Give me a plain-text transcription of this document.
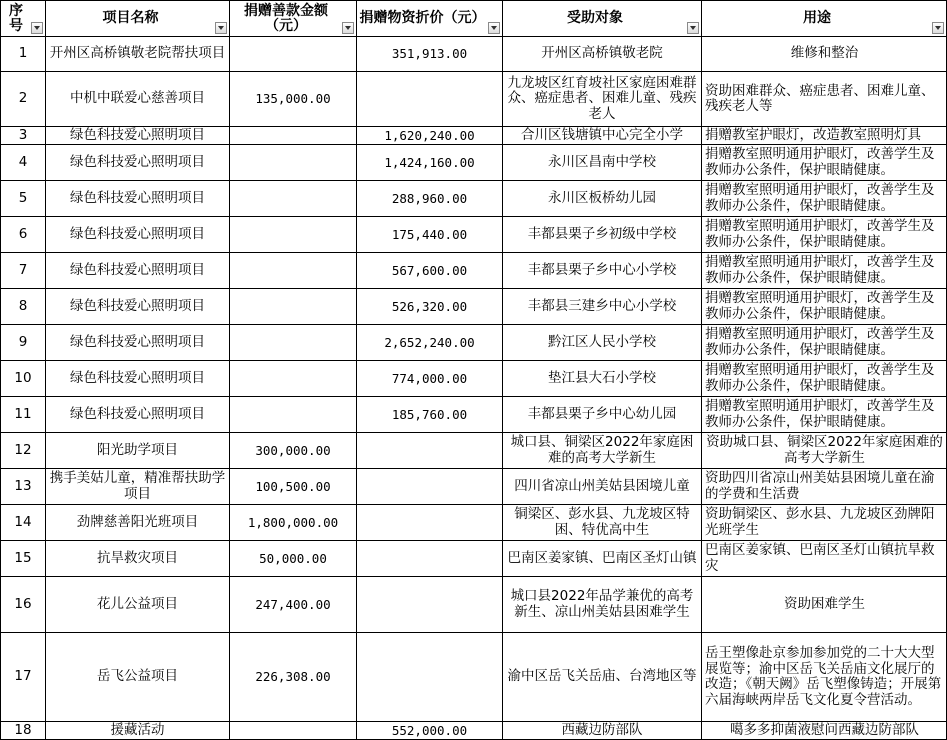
序号	项目名称	捐赠善款金额（元）	捐赠物资折价（元）	受助对象	用途

1	开州区高桥镇敬老院帮扶项目		351,913.00	开州区高桥镇敬老院	维修和整治
2	中机中联爱心慈善项目	135,000.00		九龙坡区红育坡社区家庭困难群众、癌症患者、困难儿童、残疾老人	资助困难群众、癌症患者、困难儿童、残疾老人等
3	绿色科技爱心照明项目		1,620,240.00	合川区钱塘镇中心完全小学	捐赠教室护眼灯，改造教室照明灯具
4	绿色科技爱心照明项目		1,424,160.00	永川区昌南中学校	捐赠教室照明通用护眼灯，改善学生及教师办公条件，保护眼睛健康。
5	绿色科技爱心照明项目		288,960.00	永川区板桥幼儿园	捐赠教室照明通用护眼灯，改善学生及教师办公条件，保护眼睛健康。
6	绿色科技爱心照明项目		175,440.00	丰都县栗子乡初级中学校	捐赠教室照明通用护眼灯，改善学生及教师办公条件，保护眼睛健康。
7	绿色科技爱心照明项目		567,600.00	丰都县栗子乡中心小学校	捐赠教室照明通用护眼灯，改善学生及教师办公条件，保护眼睛健康。
8	绿色科技爱心照明项目		526,320.00	丰都县三建乡中心小学校	捐赠教室照明通用护眼灯，改善学生及教师办公条件，保护眼睛健康。
9	绿色科技爱心照明项目		2,652,240.00	黔江区人民小学校	捐赠教室照明通用护眼灯，改善学生及教师办公条件，保护眼睛健康。
10	绿色科技爱心照明项目		774,000.00	垫江县大石小学校	捐赠教室照明通用护眼灯，改善学生及教师办公条件，保护眼睛健康。
11	绿色科技爱心照明项目		185,760.00	丰都县栗子乡中心幼儿园	捐赠教室照明通用护眼灯，改善学生及教师办公条件，保护眼睛健康。
12	阳光助学项目	300,000.00		城口县、铜梁区2022年家庭困难的高考大学新生	资助城口县、铜梁区2022年家庭困难的高考大学新生
13	携手美姑儿童，精准帮扶助学项目	100,500.00		四川省凉山州美姑县困境儿童	资助四川省凉山州美姑县困境儿童在渝的学费和生活费
14	劲牌慈善阳光班项目	1,800,000.00		铜梁区、彭水县、九龙坡区特困、特优高中生	资助铜梁区、彭水县、九龙坡区劲牌阳光班学生
15	抗旱救灾项目	50,000.00		巴南区姜家镇、巴南区圣灯山镇	巴南区姜家镇、巴南区圣灯山镇抗旱救灾
16	花儿公益项目	247,400.00		城口县2022年品学兼优的高考新生、凉山州美姑县困难学生	资助困难学生
17	岳飞公益项目	226,308.00		渝中区岳飞关岳庙、台湾地区等	岳王塑像赴京参加参加党的二十大大型展览等；渝中区岳飞关岳庙文化展厅的改造；《朝天阙》岳飞塑像铸造；开展第六届海峡两岸岳飞文化夏令营活动。
18	援藏活动		552,000.00	西藏边防部队	噶多多抑菌液慰问西藏边防部队
